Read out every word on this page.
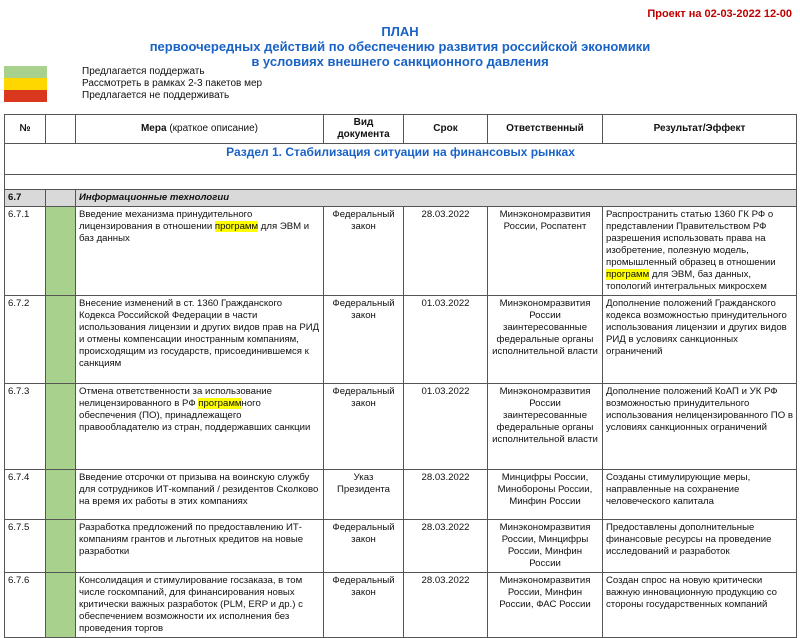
Проект на 02-03-2022 12-00
ПЛАН
первоочередных действий по обеспечению развития российской экономики
в условиях внешнего санкционного давления
Предлагается поддержать
Рассмотреть в рамках 2-3 пакетов мер
Предлагается не поддерживать
№		Мера (краткое описание)	Вид документа	Срок	Ответственный	Результат/Эффект
Раздел 1. Стабилизация ситуации на финансовых рынках						

6.7		Информационные технологии				
6.7.1		Введение механизма принудительного лицензирования в отношении программ для ЭВМ и баз данных	Федеральный закон	28.03.2022	Минэкономразвития России, Роспатент	Распространить статью 1360 ГК РФ о представлении Правительством РФ разрешения использовать права на изобретение, полезную модель, промышленный образец в отношении программ для ЭВМ, баз данных, топологий интегральных микросхем
6.7.2		Внесение изменений в ст. 1360 Гражданского Кодекса Российской Федерации в части использования лицензии и других видов прав на РИД и отмены компенсации иностранным компаниям, происходящим из государств, присоединившемся к санкциям	Федеральный закон	01.03.2022	Минэкономразвития России заинтересованные федеральные органы исполнительной власти	Дополнение положений Гражданского кодекса возможностью принудительного использования лицензии и других видов РИД в условиях санкционных ограничений
6.7.3		Отмена ответственности за использование нелицензированного в РФ программного обеспечения (ПО), принадлежащего правообладателю из стран, поддержавших санкции	Федеральный закон	01.03.2022	Минэкономразвития России заинтересованные федеральные органы исполнительной власти	Дополнение положений КоАП и УК РФ возможностью принудительного использования нелицензированного ПО в условиях санкционных ограничений
6.7.4		Введение отсрочки от призыва на воинскую службу для сотрудников ИТ-компаний / резидентов Сколково на время их работы в этих компаниях	Указ Президента	28.03.2022	Минцифры России, Минобороны России, Минфин России	Созданы стимулирующие меры, направленные на сохранение человеческого капитала
6.7.5		Разработка предложений по предоставлению ИТ-компаниям грантов и льготных кредитов на новые разработки	Федеральный закон	28.03.2022	Минэкономразвития России, Минцифры России, Минфин России	Предоставлены дополнительные финансовые ресурсы на проведение исследований и разработок
6.7.6		Консолидация и стимулирование госзаказа, в том числе госкомпаний, для финансирования новых критически важных разработок (PLM, ERP и др.) с обеспечением возможности их исполнения без проведения торгов	Федеральный закон	28.03.2022	Минэкономразвития России, Минфин России, ФАС России	Создан спрос на новую критически важную инновационную продукцию со стороны государственных компаний
